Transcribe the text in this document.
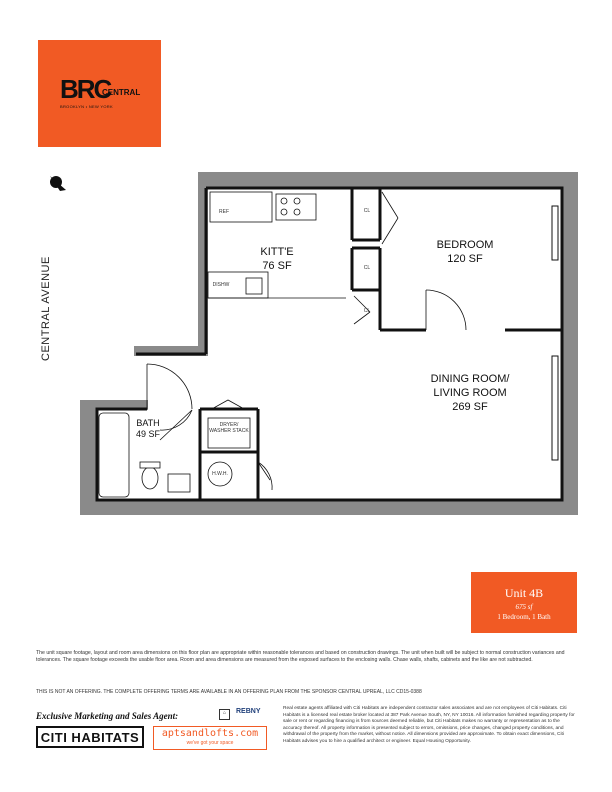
BRC
CENTRAL
BROOKLYN • NEW YORK
CENTRAL AVENUE
KITT'E
76 SF
BEDROOM
120 SF
DINING ROOM/
LIVING ROOM
269 SF
BATH
49 SF
REF
DISHW
CL
CL
CL
DRYER/ WASHER STACK
H.W.H.
Unit 4B
675 sf
1 Bedroom, 1 Bath
The unit square footage, layout and room area dimensions on this floor plan are appropriate within reasonable tolerances and based on construction drawings. The unit when built will be subject to normal construction variances and tolerances. The square footage exceeds the usable floor area. Room and area dimensions are measured from the exposed surfaces to the enclosing walls. Chase walls, shafts, cabinets and the like are not subtracted.
THIS IS NOT AN OFFERING. THE COMPLETE OFFERING TERMS ARE AVAILABLE IN AN OFFERING PLAN FROM THE SPONSOR CENTRAL UPREAL, LLC CD15-0388
Exclusive Marketing and Sales Agent:	⌂	REBNY
CITI HABITATS	aptsandlofts.com
we've got your space
Real estate agents affiliated with Citi Habitats are independent contractor sales associates and are not employees of Citi Habitats. Citi Habitats is a licensed real estate broker located at 387 Park Avenue South, NY, NY 10016. All information furnished regarding property for sale or rent or regarding financing is from sources deemed reliable, but Citi Habitats makes no warranty or representation as to the accuracy thereof. All property information is presented subject to errors, omissions, price changes, changed property conditions, and withdrawal of the property from the market, without notice. All dimensions provided are approximate. To obtain exact dimensions, Citi Habitats advises you to hire a qualified architect or engineer. Equal Housing Opportunity.
